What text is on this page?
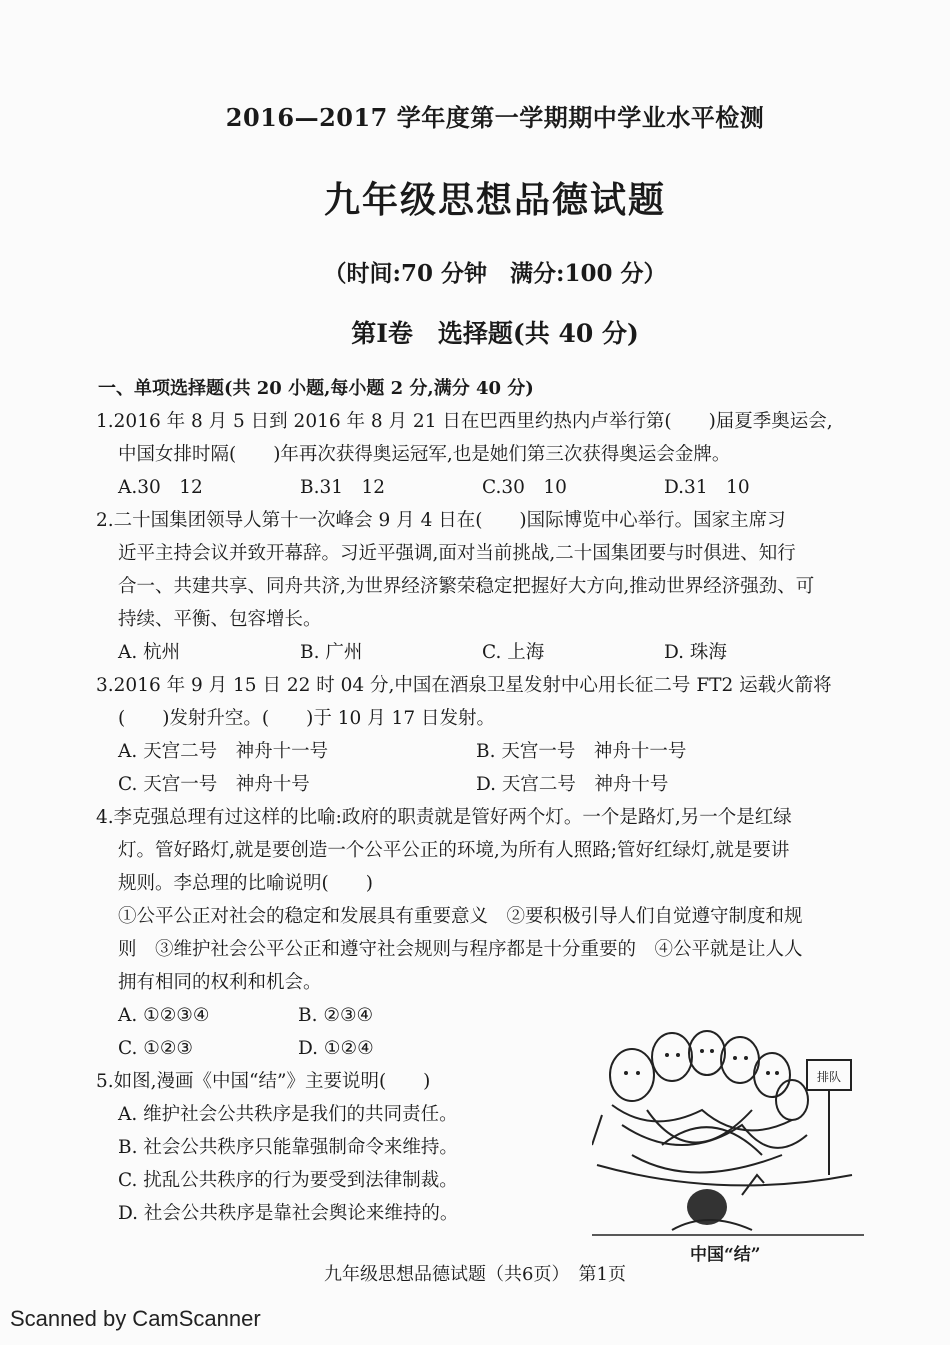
2016—2017 学年度第一学期期中学业水平检测
九年级思想品德试题
（时间:70 分钟　满分:100 分）
第Ⅰ卷　选择题(共 40 分)
一、单项选择题(共 20 小题,每小题 2 分,满分 40 分)
1.2016 年 8 月 5 日到 2016 年 8 月 21 日在巴西里约热内卢举行第(　　)届夏季奥运会,
中国女排时隔(　　)年再次获得奥运冠军,也是她们第三次获得奥运会金牌。
A.30　12	B.31　12	C.30　10	D.31　10
2.二十国集团领导人第十一次峰会 9 月 4 日在(　　)国际博览中心举行。国家主席习
近平主持会议并致开幕辞。习近平强调,面对当前挑战,二十国集团要与时俱进、知行
合一、共建共享、同舟共济,为世界经济繁荣稳定把握好大方向,推动世界经济强劲、可
持续、平衡、包容增长。
A. 杭州	B. 广州	C. 上海	D. 珠海
3.2016 年 9 月 15 日 22 时 04 分,中国在酒泉卫星发射中心用长征二号 FT2 运载火箭将
(　　)发射升空。(　　)于 10 月 17 日发射。
A. 天宫二号　神舟十一号	B. 天宫一号　神舟十一号
C. 天宫一号　神舟十号	D. 天宫二号　神舟十号
4.李克强总理有过这样的比喻:政府的职责就是管好两个灯。一个是路灯,另一个是红绿
灯。管好路灯,就是要创造一个公平公正的环境,为所有人照路;管好红绿灯,就是要讲
规则。李总理的比喻说明(　　)
①公平公正对社会的稳定和发展具有重要意义　②要积极引导人们自觉遵守制度和规
则　③维护社会公平公正和遵守社会规则与程序都是十分重要的　④公平就是让人人
拥有相同的权利和机会。
A. ①②③④	B. ②③④
C. ①②③	D. ①②④
5.如图,漫画《中国“结”》主要说明(　　)
A. 维护社会公共秩序是我们的共同责任。
B. 社会公共秩序只能靠强制命令来维持。
C. 扰乱公共秩序的行为要受到法律制裁。
D. 社会公共秩序是靠社会舆论来维持的。
排队
中国“结”
九年级思想品德试题（共6页）　第1页
Scanned by CamScanner
